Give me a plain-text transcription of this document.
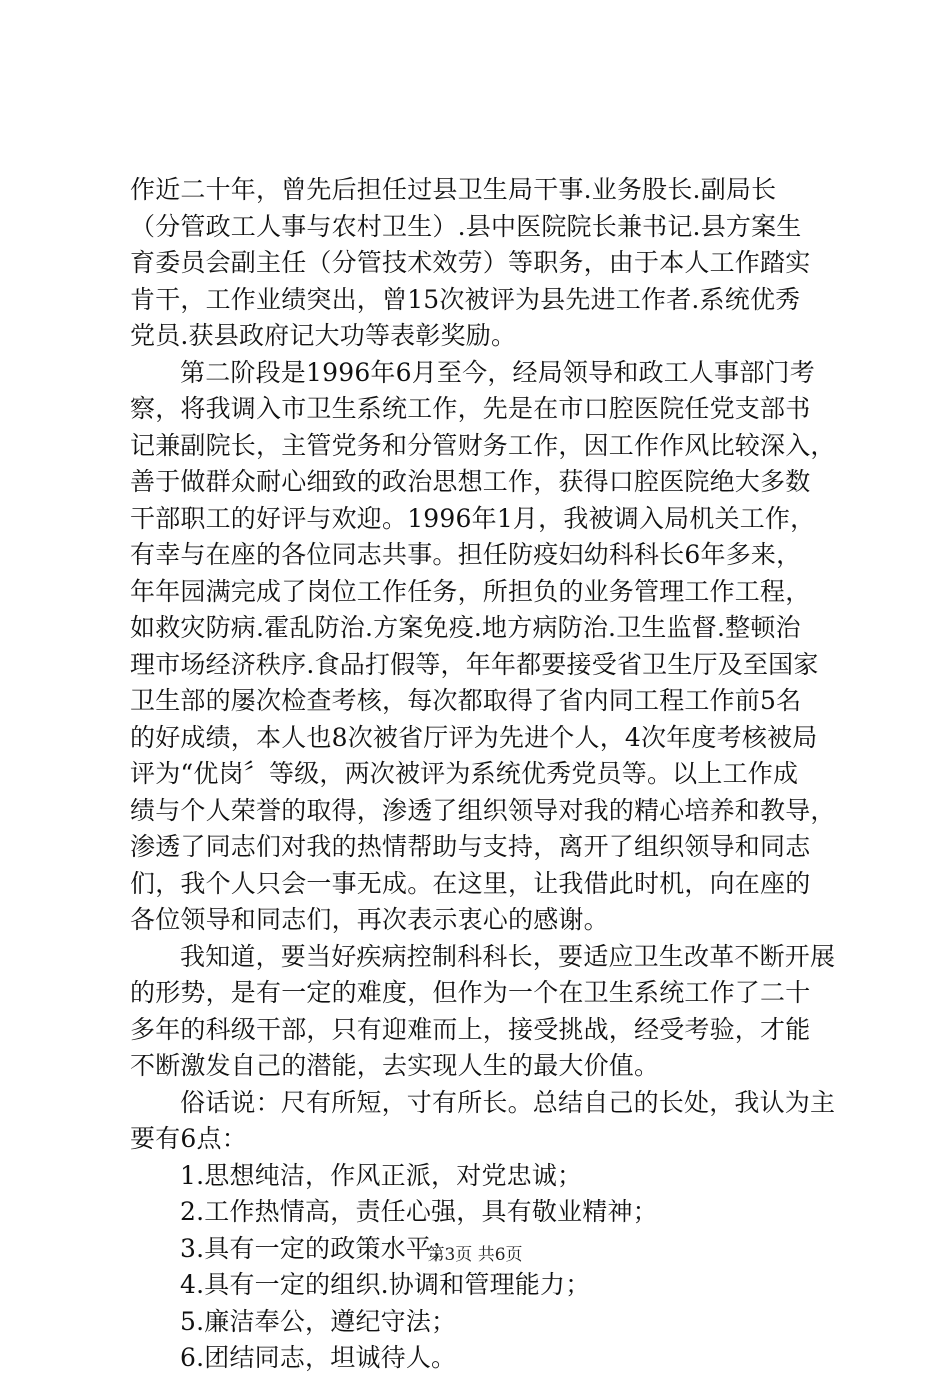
作近二十年，曾先后担任过县卫生局干事.业务股长.副局长
（分管政工人事与农村卫生）.县中医院院长兼书记.县方案生
育委员会副主任（分管技术效劳）等职务，由于本人工作踏实
肯干，工作业绩突出，曾15次被评为县先进工作者.系统优秀
党员.获县政府记大功等表彰奖励。
第二阶段是1996年6月至今，经局领导和政工人事部门考
察，将我调入市卫生系统工作，先是在市口腔医院任党支部书
记兼副院长，主管党务和分管财务工作，因工作作风比较深入，
善于做群众耐心细致的政治思想工作，获得口腔医院绝大多数
干部职工的好评与欢迎。1996年1月，我被调入局机关工作，
有幸与在座的各位同志共事。担任防疫妇幼科科长6年多来，
年年园满完成了岗位工作任务，所担负的业务管理工作工程，
如救灾防病.霍乱防治.方案免疫.地方病防治.卫生监督.整顿治
理市场经济秩序.食品打假等，年年都要接受省卫生厅及至国家
卫生部的屡次检查考核，每次都取得了省内同工程工作前5名
的好成绩，本人也8次被省厅评为先进个人，4次年度考核被局
评为“优岗〞等级，两次被评为系统优秀党员等。以上工作成
绩与个人荣誉的取得，渗透了组织领导对我的精心培养和教导，
渗透了同志们对我的热情帮助与支持，离开了组织领导和同志
们，我个人只会一事无成。在这里，让我借此时机，向在座的
各位领导和同志们，再次表示衷心的感谢。
我知道，要当好疾病控制科科长，要适应卫生改革不断开展
的形势，是有一定的难度，但作为一个在卫生系统工作了二十
多年的科级干部，只有迎难而上，接受挑战，经受考验，才能
不断激发自己的潜能，去实现人生的最大价值。
俗话说：尺有所短，寸有所长。总结自己的长处，我认为主
要有6点：
1.思想纯洁，作风正派，对党忠诚；
2.工作热情高，责任心强，具有敬业精神；
3.具有一定的政策水平；
4.具有一定的组织.协调和管理能力；
5.廉洁奉公，遵纪守法；
6.团结同志，坦诚待人。
第3页 共6页
